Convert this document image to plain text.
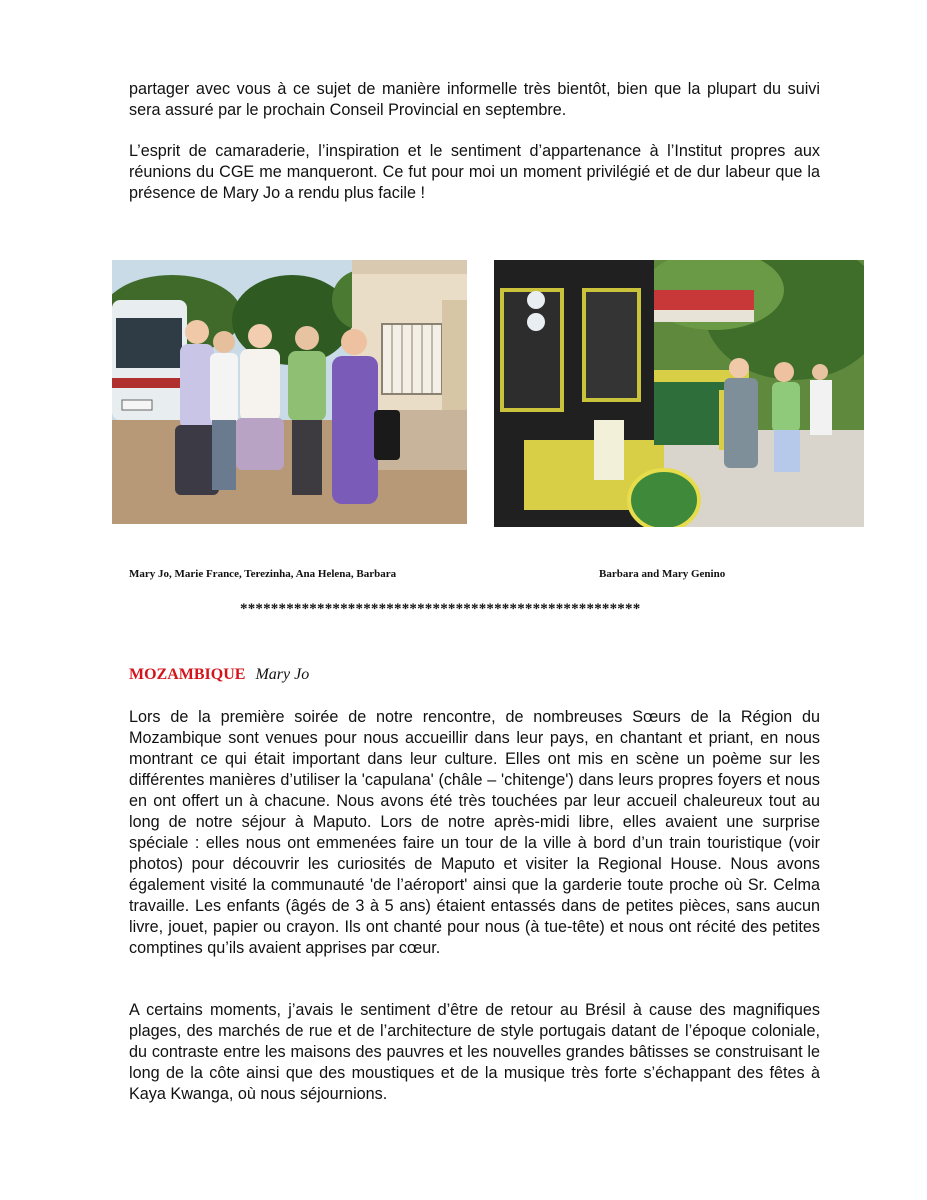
partager avec vous à ce sujet de manière informelle très bientôt, bien que la plupart du suivi sera assuré par le prochain Conseil Provincial en septembre.

L’esprit de camaraderie, l’inspiration et le sentiment d’appartenance à l’Institut propres aux réunions du CGE me manqueront. Ce fut pour moi un moment privilégié et de dur labeur que la présence de Mary Jo a rendu plus facile !

Mary Jo, Marie France, Terezinha, Ana Helena, Barbara	Barbara and Mary Genino
****************************************************
MOZAMBIQUE Mary Jo

Lors de la première soirée de notre rencontre, de nombreuses Sœurs de la Région du Mozambique sont venues pour nous accueillir dans leur pays, en chantant et priant, en nous montrant ce qui était important dans leur culture. Elles ont mis en scène un poème sur les différentes manières d’utiliser la 'capulana' (châle – 'chitenge') dans leurs propres foyers et nous en ont offert un à chacune. Nous avons été très touchées par leur accueil chaleureux tout au long de notre séjour à Maputo. Lors de notre après-midi libre, elles avaient une surprise spéciale : elles nous ont emmenées faire un tour de la ville à bord d’un train touristique (voir photos) pour découvrir les curiosités de Maputo et visiter la Regional House. Nous avons également visité la communauté 'de l’aéroport' ainsi que la garderie toute proche où Sr. Celma travaille. Les enfants (âgés de 3 à 5 ans) étaient entassés dans de petites pièces, sans aucun livre, jouet, papier ou crayon. Ils ont chanté pour nous (à tue-tête) et nous ont récité des petites comptines qu’ils avaient apprises par cœur.

A certains moments, j’avais le sentiment d’être de retour au Brésil à cause des magnifiques plages, des marchés de rue et de l’architecture de style portugais datant de l’époque coloniale, du contraste entre les maisons des pauvres et les nouvelles grandes bâtisses se construisant le long de la côte ainsi que des moustiques et de la musique très forte s’échappant des fêtes à Kaya Kwanga, où nous séjournions.
